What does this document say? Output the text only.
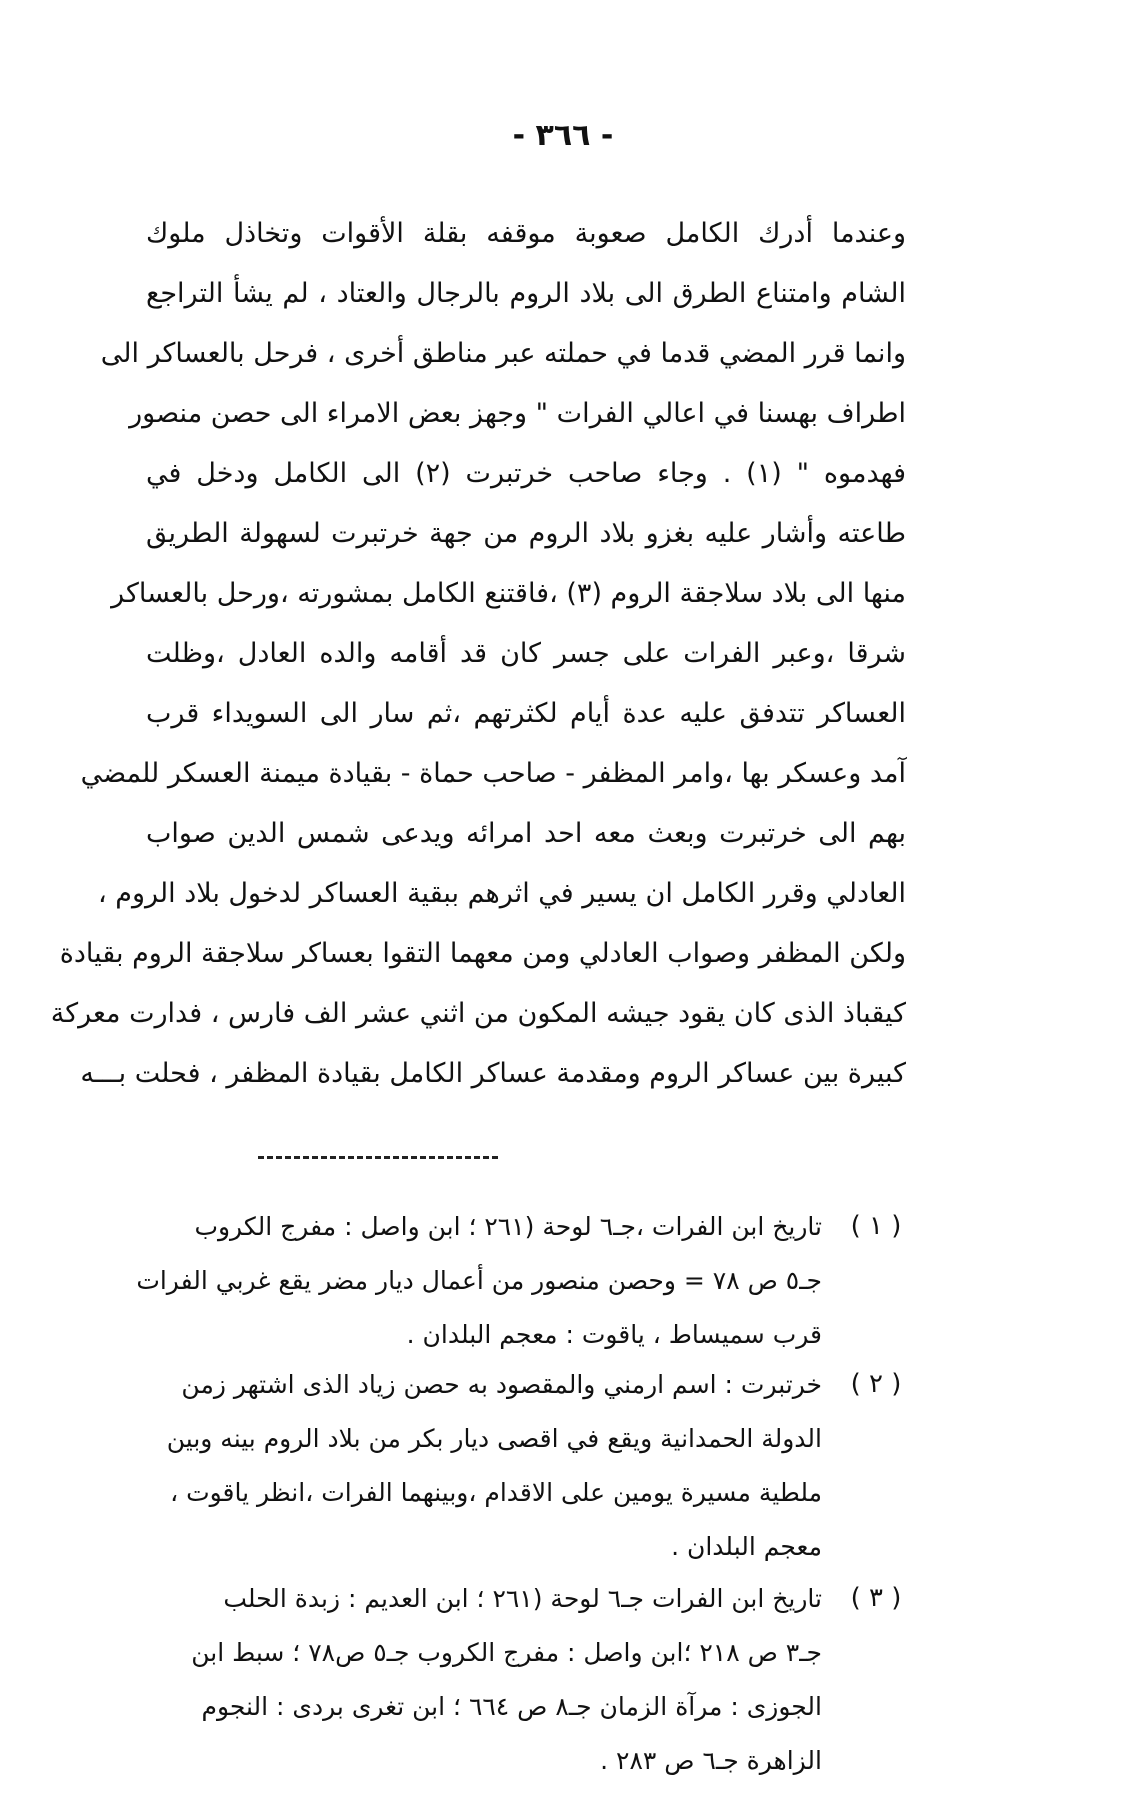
- ٣٦٦ -
وعندما أدرك الكامل صعوبة موقفه بقلة الأقوات وتخاذل ملوك
الشام وامتناع الطرق الى بلاد الروم بالرجال والعتاد ، لم يشأ التراجع
وانما قرر المضي قدما في حملته عبر مناطق أخرى ، فرحل بالعساكر الى
اطراف بهسنا في اعالي الفرات " وجهز بعض الامراء الى حصن منصور
فهدموه " (١) . وجاء صاحب خرتبرت (٢) الى الكامل ودخل في
طاعته وأشار عليه بغزو بلاد الروم من جهة خرتبرت لسهولة الطريق
منها الى بلاد سلاجقة الروم (٣) ،فاقتنع الكامل بمشورته ،ورحل بالعساكر
شرقا ،وعبر الفرات على جسر كان قد أقامه والده العادل ،وظلت
العساكر تتدفق عليه عدة أيام لكثرتهم ،ثم سار الى السويداء قرب
آمد وعسكر بها ،وامر المظفر - صاحب حماة - بقيادة ميمنة العسكر للمضي
بهم الى خرتبرت وبعث معه احد امرائه ويدعى شمس الدين صواب
العادلي وقرر الكامل ان يسير في اثرهم ببقية العساكر لدخول بلاد الروم ،
ولكن المظفر وصواب العادلي ومن معهما التقوا بعساكر سلاجقة الروم بقيادة
كيقباذ الذى كان يقود جيشه المكون من اثني عشر الف فارس ، فدارت معركة
كبيرة بين عساكر الروم ومقدمة عساكر الكامل بقيادة المظفر ، فحلت بـــه
( ١ )
تاريخ ابن الفرات ،جـ٦ لوحة (٢٦١ ؛ ابن واصل : مفرج الكروب
جـ٥ ص ٧٨ = وحصن منصور من أعمال ديار مضر يقع غربي الفرات
قرب سميساط ، ياقوت : معجم البلدان .
( ٢ )
خرتبرت : اسم ارمني والمقصود به حصن زياد الذى اشتهر زمن
الدولة الحمدانية ويقع في اقصى ديار بكر من بلاد الروم بينه وبين
ملطية مسيرة يومين على الاقدام ،وبينهما الفرات ،انظر ياقوت ،
معجم البلدان .
( ٣ )
تاريخ ابن الفرات جـ٦ لوحة (٢٦١ ؛ ابن العديم : زبدة الحلب
جـ٣ ص ٢١٨ ؛ابن واصل : مفرج الكروب جـ٥ ص٧٨ ؛ سبط ابن
الجوزى : مرآة الزمان جـ٨ ص ٦٦٤ ؛ ابن تغرى بردى : النجوم
الزاهرة جـ٦ ص ٢٨٣ .
